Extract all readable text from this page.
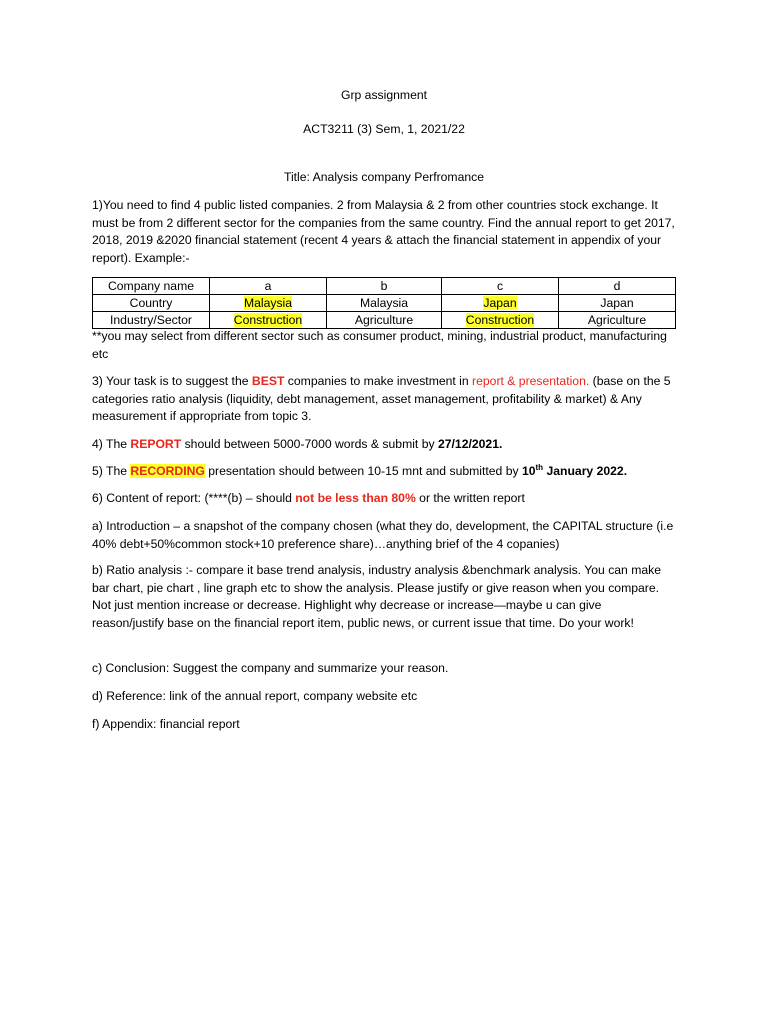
Grp assignment
ACT3211 (3) Sem, 1, 2021/22
Title: Analysis company Perfromance
1)You need to find 4 public listed companies. 2 from Malaysia & 2 from other countries stock exchange. It must be from 2 different sector for the companies from the same country. Find the annual report to get 2017, 2018, 2019 &2020 financial statement (recent 4 years & attach the financial statement in appendix of your report). Example:-
Company name	a	b	c	d
Country	Malaysia	Malaysia	Japan	Japan
Industry/Sector	Construction	Agriculture	Construction	Agriculture
**you may select from different sector such as consumer product, mining, industrial product, manufacturing etc
3) Your task is to suggest the BEST companies to make investment in report & presentation. (base on the 5 categories ratio analysis (liquidity, debt management, asset management, profitability & market) & Any measurement if appropriate from topic 3.
4) The REPORT should between 5000-7000 words & submit by 27/12/2021.
5) The RECORDING presentation should between 10-15 mnt and submitted by 10th January 2022.
6) Content of report: (****(b) – should not be less than 80% or the written report
a) Introduction – a snapshot of the company chosen (what they do, development, the CAPITAL structure (i.e 40% debt+50%common stock+10 preference share)…anything brief of the 4 copanies)
b) Ratio analysis :- compare it base trend analysis, industry analysis &benchmark analysis. You can make bar chart, pie chart , line graph etc to show the analysis. Please justify or give reason when you compare. Not just mention increase or decrease. Highlight why decrease or increase—maybe u can give reason/justify base on the financial report item, public news, or current issue that time. Do your work!
c) Conclusion: Suggest the company and summarize your reason.
d) Reference: link of the annual report, company website etc
f) Appendix: financial report
